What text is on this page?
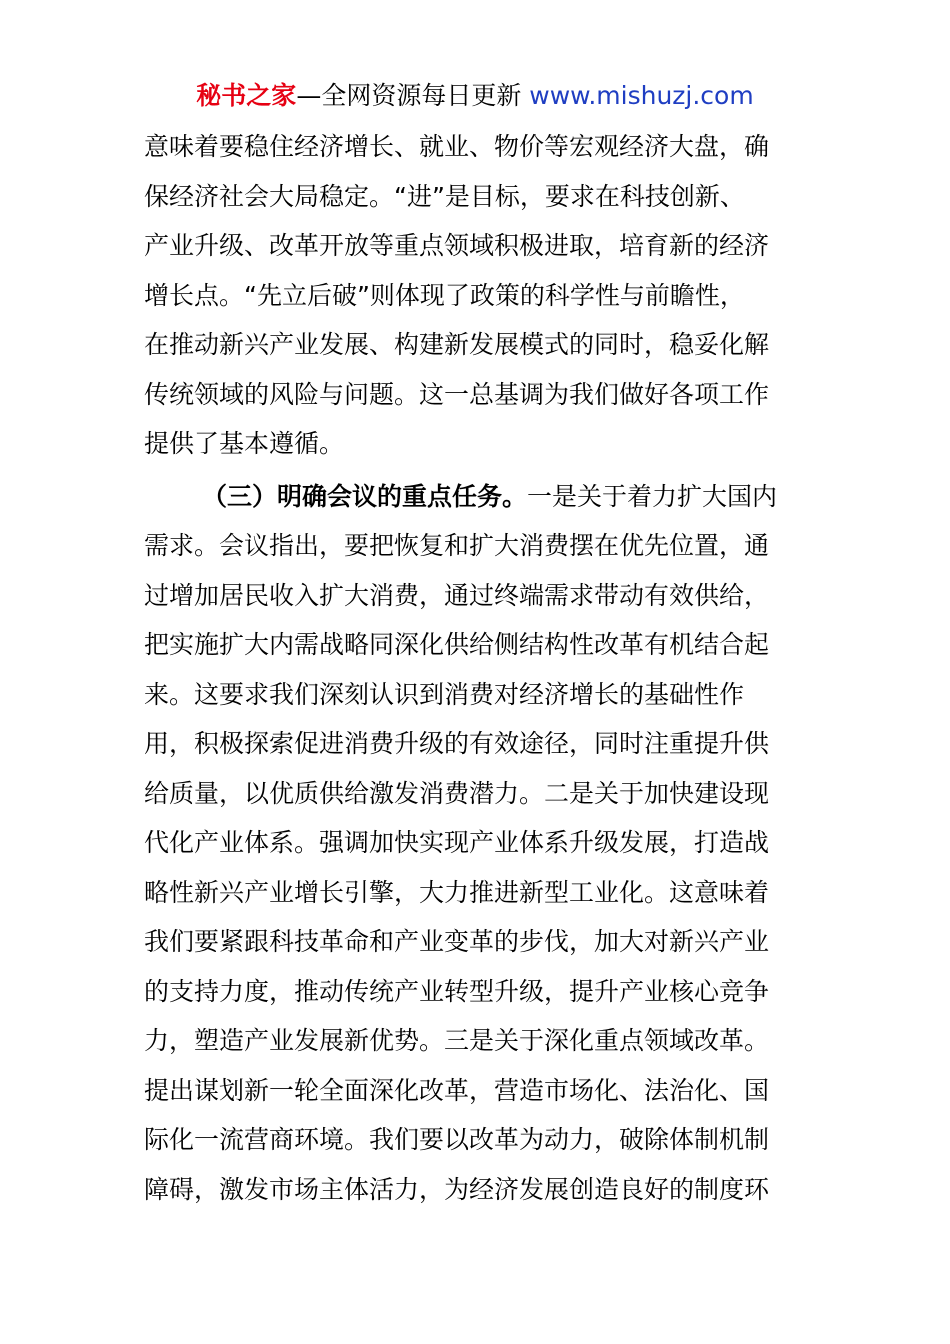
秘书之家—全网资源每日更新 www.mishuzj.com
意味着要稳住经济增长、就业、物价等宏观经济大盘，确
保经济社会大局稳定。“进”是目标，要求在科技创新、
产业升级、改革开放等重点领域积极进取，培育新的经济
增长点。“先立后破”则体现了政策的科学性与前瞻性，
在推动新兴产业发展、构建新发展模式的同时，稳妥化解
传统领域的风险与问题。这一总基调为我们做好各项工作
提供了基本遵循。
（三）明确会议的重点任务。一是关于着力扩大国内
需求。会议指出，要把恢复和扩大消费摆在优先位置，通
过增加居民收入扩大消费，通过终端需求带动有效供给，
把实施扩大内需战略同深化供给侧结构性改革有机结合起
来。这要求我们深刻认识到消费对经济增长的基础性作
用，积极探索促进消费升级的有效途径，同时注重提升供
给质量，以优质供给激发消费潜力。二是关于加快建设现
代化产业体系。强调加快实现产业体系升级发展，打造战
略性新兴产业增长引擎，大力推进新型工业化。这意味着
我们要紧跟科技革命和产业变革的步伐，加大对新兴产业
的支持力度，推动传统产业转型升级，提升产业核心竞争
力，塑造产业发展新优势。三是关于深化重点领域改革。
提出谋划新一轮全面深化改革，营造市场化、法治化、国
际化一流营商环境。我们要以改革为动力，破除体制机制
障碍，激发市场主体活力，为经济发展创造良好的制度环
